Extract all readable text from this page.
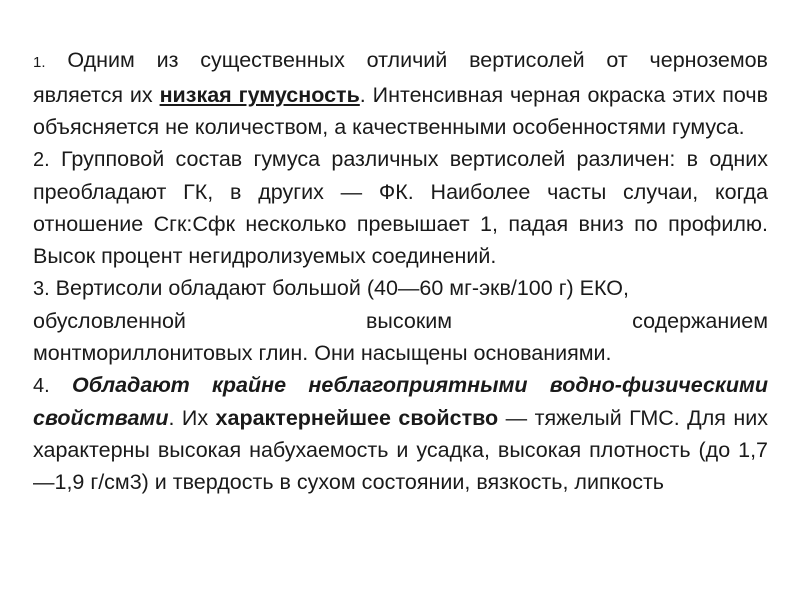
1. Одним из существенных отличий вертисолей от черноземов
является их низкая гумусность. Интенсивная черная окраска этих почв объясняется не количеством, а качественными особенностями гумуса.

2. Групповой состав гумуса различных вертисолей различен: в одних преобладают ГК, в других — ФК. Наиболее часты случаи, когда отношение Сгк:Сфк несколько превышает 1, падая вниз по профилю. Высок процент негидролизуемых соединений.

3. Вертисоли обладают большой (40—60 мг-экв/100 г) ЕКО,
обусловленной высоким содержанием
монтмориллонитовых глин. Они насыщены основаниями.

4. Обладают крайне неблагоприятными водно-физическими свойствами. Их характернейшее свойство — тяжелый ГМС. Для них характерны высокая набухаемость и усадка, высокая плотность (до 1,7—1,9 г/см3) и твердость в сухом состоянии, вязкость, липкость
